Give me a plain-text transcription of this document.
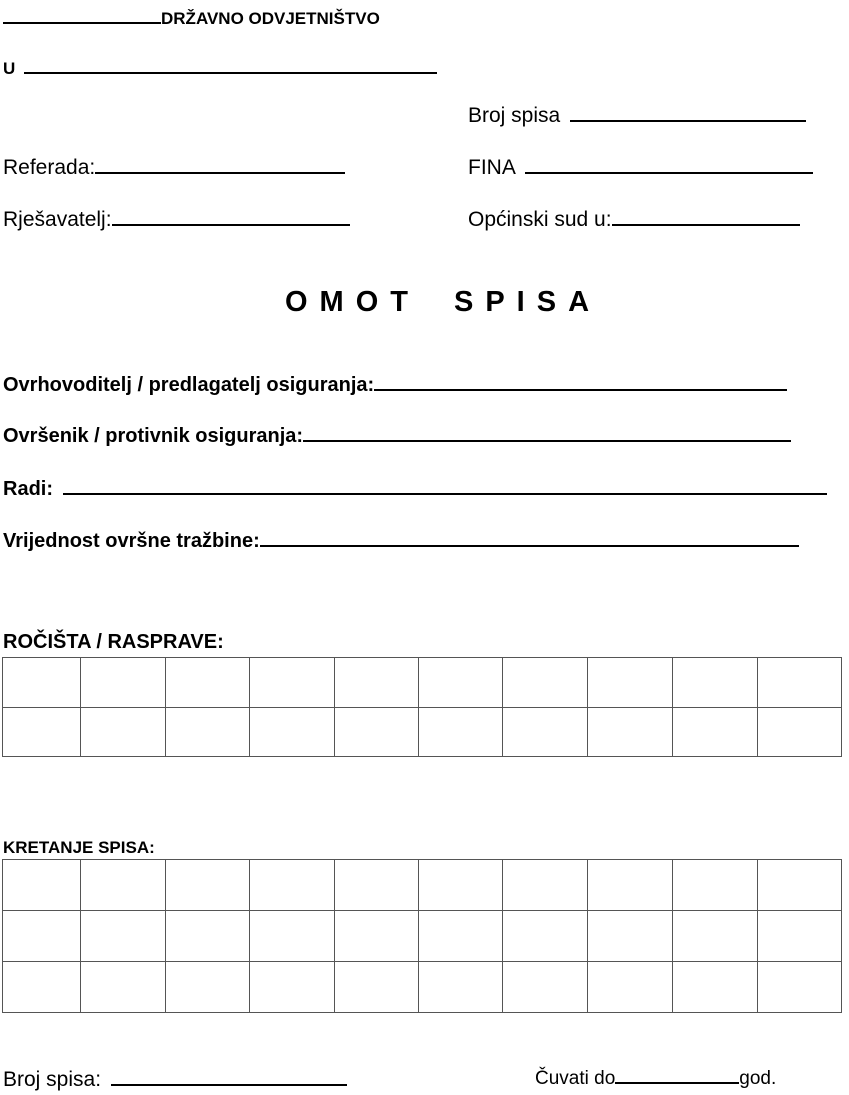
DRŽAVNO ODVJETNIŠTVO
U
Broj spisa
Referada:	FINA
Rješavatelj:	Općinski sud u:
OMOT SPISA
Ovrhovoditelj / predlagatelj osiguranja:
Ovršenik / protivnik osiguranja:
Radi:
Vrijednost ovršne tražbine:
ROČIŠTA / RASPRAVE:

KRETANJE SPISA:

Broj spisa:	Čuvati do	god.
